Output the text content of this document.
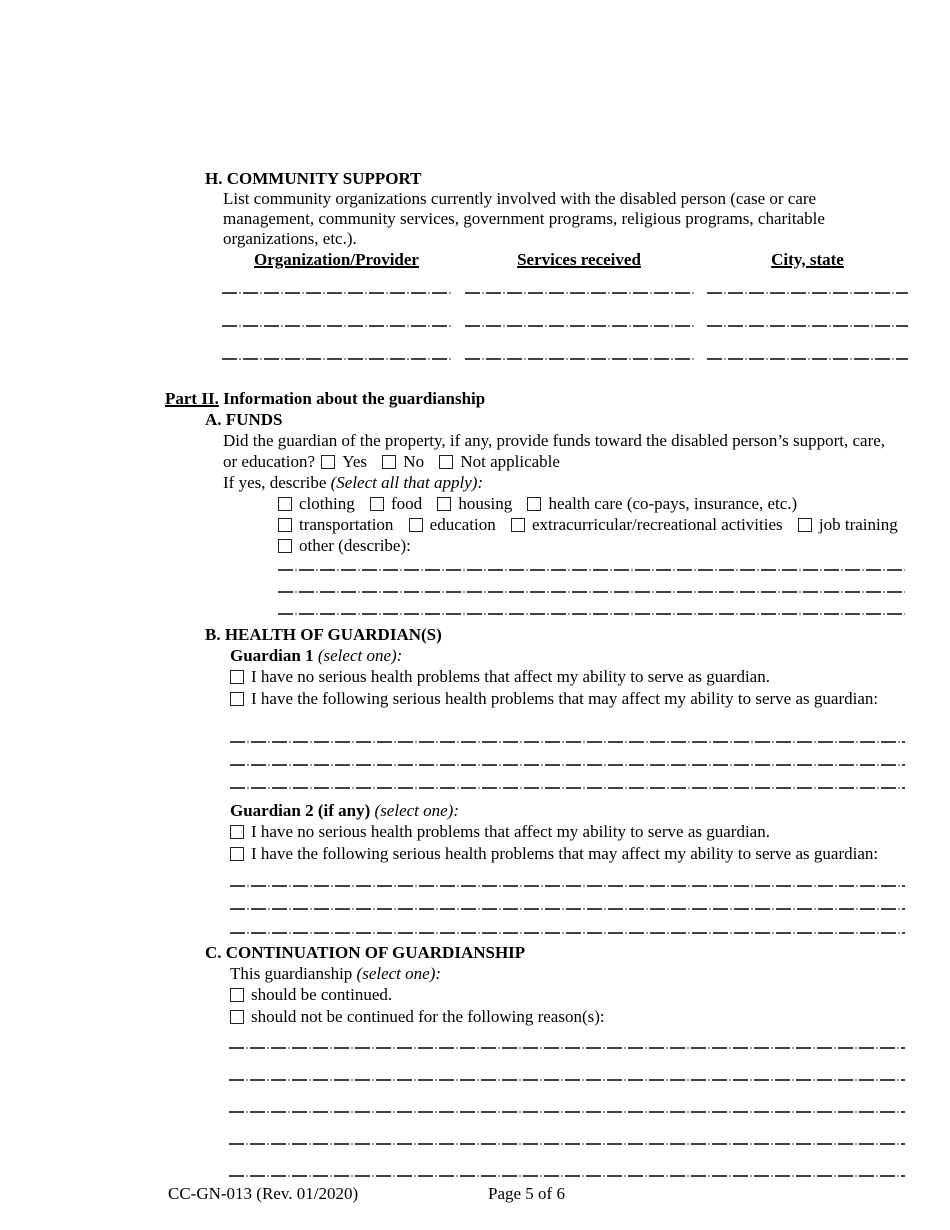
H. COMMUNITY SUPPORT
List community organizations currently involved with the disabled person (case or care management, community services, government programs, religious programs, charitable organizations, etc.).
Organization/Provider	Services received	City, state
Part II. Information about the guardianship
A. FUNDS
Did the guardian of the property, if any, provide funds toward the disabled person’s support, care,
or education? Yes No Not applicable
If yes, describe (Select all that apply):
clothing food housing health care (co-pays, insurance, etc.)
transportation education extracurricular/recreational activities job training
other (describe):
B. HEALTH OF GUARDIAN(S)
Guardian 1 (select one):
I have no serious health problems that affect my ability to serve as guardian.
I have the following serious health problems that may affect my ability to serve as guardian:
Guardian 2 (if any) (select one):
I have no serious health problems that affect my ability to serve as guardian.
I have the following serious health problems that may affect my ability to serve as guardian:
C. CONTINUATION OF GUARDIANSHIP
This guardianship (select one):
should be continued.
should not be continued for the following reason(s):
CC-GN-013 (Rev. 01/2020)	Page 5 of 6
